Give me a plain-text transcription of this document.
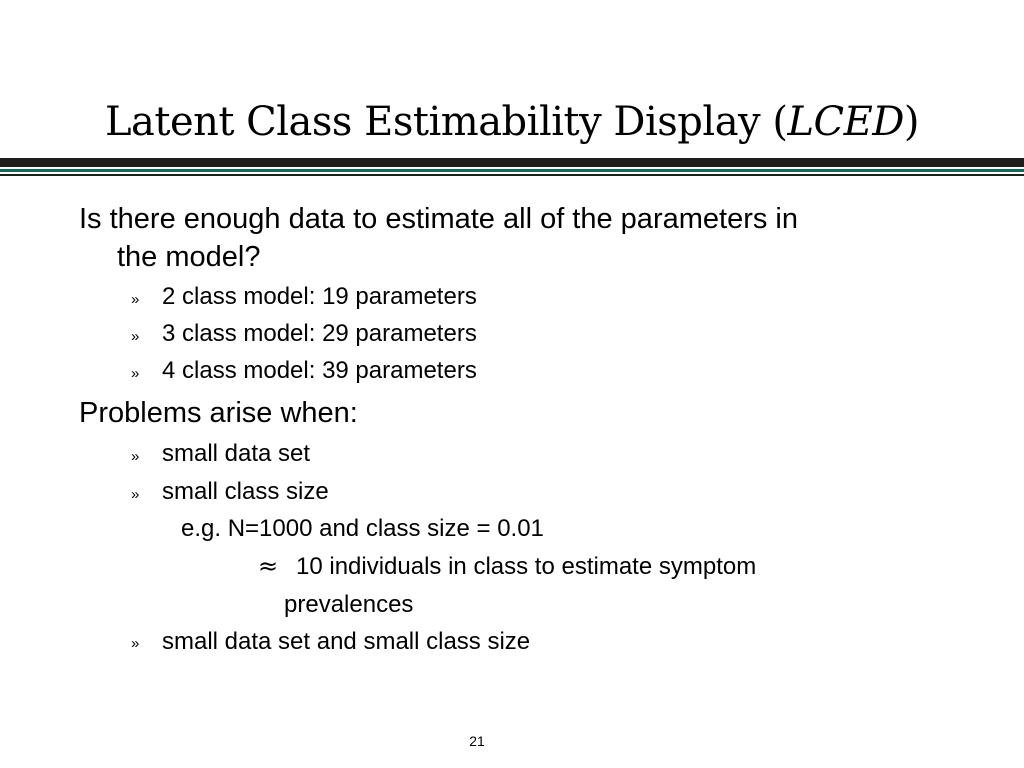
Latent Class Estimability Display (LCED)
Is there enough data to estimate all of the parameters in
the model?
» 2 class model: 19 parameters
» 3 class model: 29 parameters
» 4 class model: 39 parameters
Problems arise when:
» small data set
» small class size
e.g. N=1000 and class size = 0.01
≈ 10 individuals in class to estimate symptom
prevalences
» small data set and small class size
21
